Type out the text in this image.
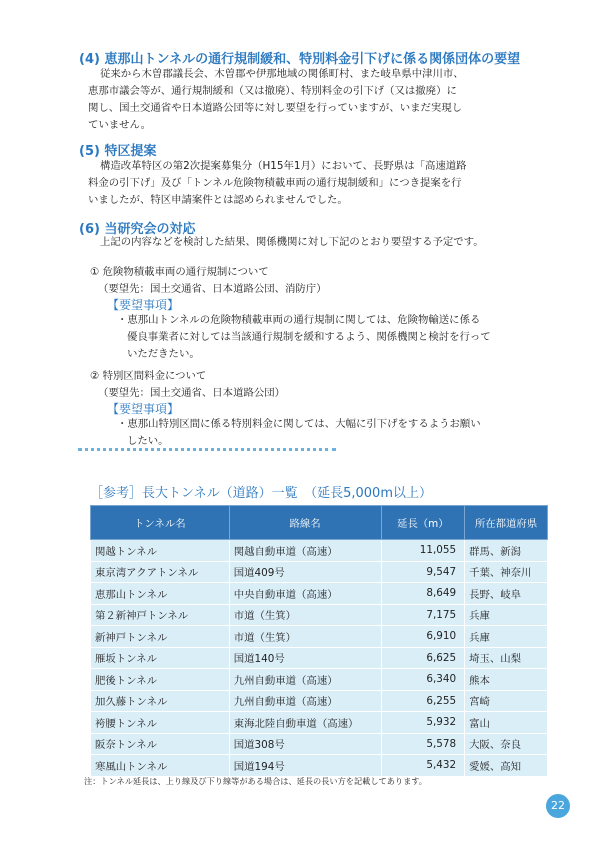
(4) 恵那山トンネルの通行規制緩和、特別料金引下げに係る関係団体の要望
従来から木曽郡議長会、木曽郡や伊那地域の関係町村、また岐阜県中津川市、
恵那市議会等が、通行規制緩和（又は撤廃）、特別料金の引下げ（又は撤廃）に
関し、国土交通省や日本道路公団等に対し要望を行っていますが、いまだ実現し
ていません。
(5) 特区提案
構造改革特区の第2次提案募集分（H15年1月）において、長野県は「高速道路
料金の引下げ」及び「トンネル危険物積載車両の通行規制緩和」につき提案を行
いましたが、特区申請案件とは認められませんでした。
(6) 当研究会の対応
上記の内容などを検討した結果、関係機関に対し下記のとおり要望する予定です。
① 危険物積載車両の通行規制について
（要望先：国土交通省、日本道路公団、消防庁）
【要望事項】
・恵那山トンネルの危険物積載車両の通行規制に関しては、危険物輸送に係る
優良事業者に対しては当該通行規制を緩和するよう、関係機関と検討を行って
いただきたい。
② 特別区間料金について
（要望先：国土交通省、日本道路公団）
【要望事項】
・恵那山特別区間に係る特別料金に関しては、大幅に引下げをするようお願い
したい。
［参考］長大トンネル（道路）一覧　（延長5,000m以上）
トンネル名	路線名	延長（m）	所在都道府県
関越トンネル	関越自動車道（高速）	11,055	群馬、新潟
東京湾アクアトンネル	国道409号	9,547	千葉、神奈川
恵那山トンネル	中央自動車道（高速）	8,649	長野、岐阜
第２新神戸トンネル	市道（生箕）	7,175	兵庫
新神戸トンネル	市道（生箕）	6,910	兵庫
雁坂トンネル	国道140号	6,625	埼玉、山梨
肥後トンネル	九州自動車道（高速）	6,340	熊本
加久藤トンネル	九州自動車道（高速）	6,255	宮崎
袴腰トンネル	東海北陸自動車道（高速）	5,932	富山
阪奈トンネル	国道308号	5,578	大阪、奈良
寒風山トンネル	国道194号	5,432	愛媛、高知
注：トンネル延長は、上り線及び下り線等がある場合は、延長の長い方を記載してあります。
22
